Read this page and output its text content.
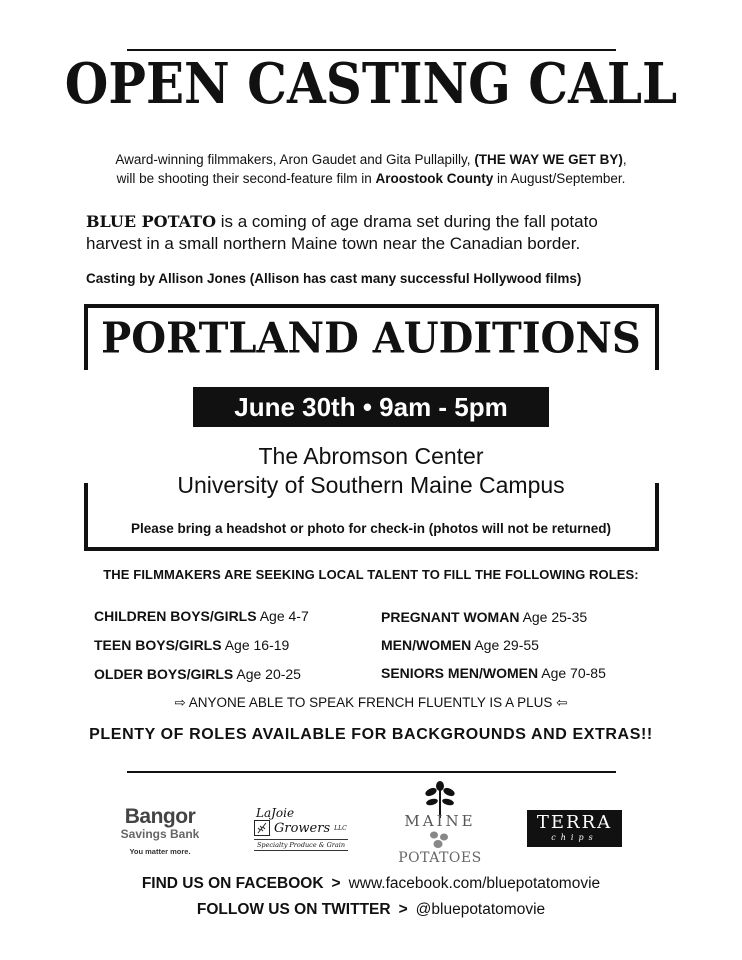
OPEN CASTING CALL
Award-winning filmmakers, Aron Gaudet and Gita Pullapilly, (THE WAY WE GET BY),
will be shooting their second-feature film in Aroostook County in August/September.
BLUE POTATO is a coming of age drama set during the fall potato
harvest in a small northern Maine town near the Canadian border.
Casting by Allison Jones (Allison has cast many successful Hollywood films)
PORTLAND AUDITIONS
June 30th • 9am - 5pm
The Abromson Center
University of Southern Maine Campus
Please bring a headshot or photo for check-in (photos will not be returned)
THE FILMMAKERS ARE SEEKING LOCAL TALENT TO FILL THE FOLLOWING ROLES:
CHILDREN BOYS/GIRLS Age 4-7
TEEN BOYS/GIRLS Age 16-19
OLDER BOYS/GIRLS Age 20-25
PREGNANT WOMAN Age 25-35
MEN/WOMEN Age 29-55
SENIORS MEN/WOMEN Age 70-85
⇨ ANYONE ABLE TO SPEAK FRENCH FLUENTLY IS A PLUS ⇦
PLENTY OF ROLES AVAILABLE FOR BACKGROUNDS AND EXTRAS!!
Bangor
Savings Bank
You matter more.
LaJoie
Growers LLC
Specialty Produce & Grain
MAINE
POTATOES
TERRA
chips
FIND US ON FACEBOOK > www.facebook.com/bluepotatomovie
FOLLOW US ON TWITTER > @bluepotatomovie
